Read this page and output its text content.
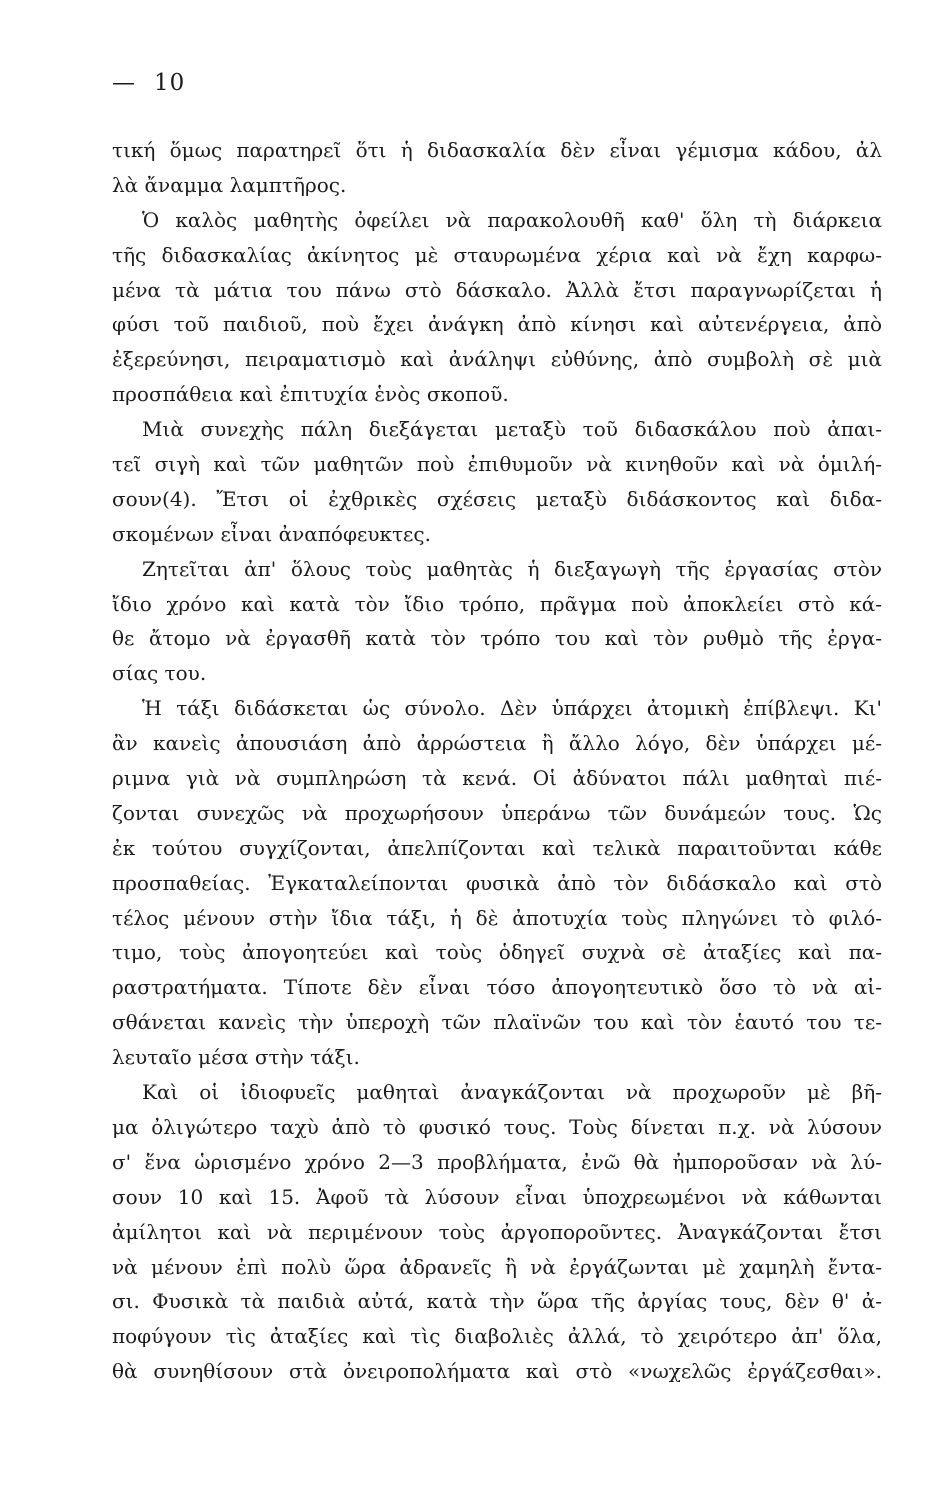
— 10
τική ὅμως παρατηρεῖ ὅτι ἡ διδασκαλία δὲν εἶναι γέμισμα κάδου, ἀλ
λὰ ἄναμμα λαμπτῆρος.
Ὁ καλὸς μαθητὴς ὀφείλει νὰ παρακολουθῆ καθ' ὅλη τὴ διάρκεια
τῆς διδασκαλίας ἀκίνητος μὲ σταυρωμένα χέρια καὶ νὰ ἔχη καρφω-
μένα τὰ μάτια του πάνω στὸ δάσκαλο. Ἀλλὰ ἔτσι παραγνωρίζεται ἡ
φύσι τοῦ παιδιοῦ, ποὺ ἔχει ἀνάγκη ἀπὸ κίνησι καὶ αὐτενέργεια, ἀπὸ
ἐξερεύνησι, πειραματισμὸ καὶ ἀνάληψι εὐθύνης, ἀπὸ συμβολὴ σὲ μιὰ
προσπάθεια καὶ ἐπιτυχία ἑνὸς σκοποῦ.
Μιὰ συνεχὴς πάλη διεξάγεται μεταξὺ τοῦ διδασκάλου ποὺ ἀπαι-
τεῖ σιγὴ καὶ τῶν μαθητῶν ποὺ ἐπιθυμοῦν νὰ κινηθοῦν καὶ νὰ ὁμιλή-
σουν(4). Ἔτσι οἱ ἐχθρικὲς σχέσεις μεταξὺ διδάσκοντος καὶ διδα-
σκομένων εἶναι ἀναπόφευκτες.
Ζητεῖται ἀπ' ὅλους τοὺς μαθητὰς ἡ διεξαγωγὴ τῆς ἐργασίας στὸν
ἴδιο χρόνο καὶ κατὰ τὸν ἴδιο τρόπο, πρᾶγμα ποὺ ἀποκλείει στὸ κά-
θε ἄτομο νὰ ἐργασθῆ κατὰ τὸν τρόπο του καὶ τὸν ρυθμὸ τῆς ἐργα-
σίας του.
Ἡ τάξι διδάσκεται ὡς σύνολο. Δὲν ὑπάρχει ἀτομικὴ ἐπίβλεψι. Κι'
ἂν κανεὶς ἀπουσιάση ἀπὸ ἀρρώστεια ἢ ἄλλο λόγο, δὲν ὑπάρχει μέ-
ριμνα γιὰ νὰ συμπληρώση τὰ κενά. Οἱ ἀδύνατοι πάλι μαθηταὶ πιέ-
ζονται συνεχῶς νὰ προχωρήσουν ὑπεράνω τῶν δυνάμεών τους. Ὡς
ἐκ τούτου συγχίζονται, ἀπελπίζονται καὶ τελικὰ παραιτοῦνται κάθε
προσπαθείας. Ἐγκαταλείπονται φυσικὰ ἀπὸ τὸν διδάσκαλο καὶ στὸ
τέλος μένουν στὴν ἴδια τάξι, ἡ δὲ ἀποτυχία τοὺς πληγώνει τὸ φιλό-
τιμο, τοὺς ἀπογοητεύει καὶ τοὺς ὁδηγεῖ συχνὰ σὲ ἀταξίες καὶ πα-
ραστρατήματα. Τίποτε δὲν εἶναι τόσο ἀπογοητευτικὸ ὅσο τὸ νὰ αἰ-
σθάνεται κανεὶς τὴν ὑπεροχὴ τῶν πλαϊνῶν του καὶ τὸν ἑαυτό του τε-
λευταῖο μέσα στὴν τάξι.
Καὶ οἱ ἰδιοφυεῖς μαθηταὶ ἀναγκάζονται νὰ προχωροῦν μὲ βῆ-
μα ὀλιγώτερο ταχὺ ἀπὸ τὸ φυσικό τους. Τοὺς δίνεται π.χ. νὰ λύσουν
σ' ἕνα ὡρισμένο χρόνο 2—3 προβλήματα, ἐνῶ θὰ ἠμποροῦσαν νὰ λύ-
σουν 10 καὶ 15. Ἀφοῦ τὰ λύσουν εἶναι ὑποχρεωμένοι νὰ κάθωνται
ἀμίλητοι καὶ νὰ περιμένουν τοὺς ἀργοποροῦντες. Ἀναγκάζονται ἔτσι
νὰ μένουν ἐπὶ πολὺ ὥρα ἀδρανεῖς ἢ νὰ ἐργάζωνται μὲ χαμηλὴ ἔντα-
σι. Φυσικὰ τὰ παιδιὰ αὐτά, κατὰ τὴν ὥρα τῆς ἀργίας τους, δὲν θ' ἀ-
ποφύγουν τὶς ἀταξίες καὶ τὶς διαβολιὲς ἀλλά, τὸ χειρότερο ἀπ' ὅλα,
θὰ συνηθίσουν στὰ ὀνειροπολήματα καὶ στὸ «νωχελῶς ἐργάζεσθαι».
